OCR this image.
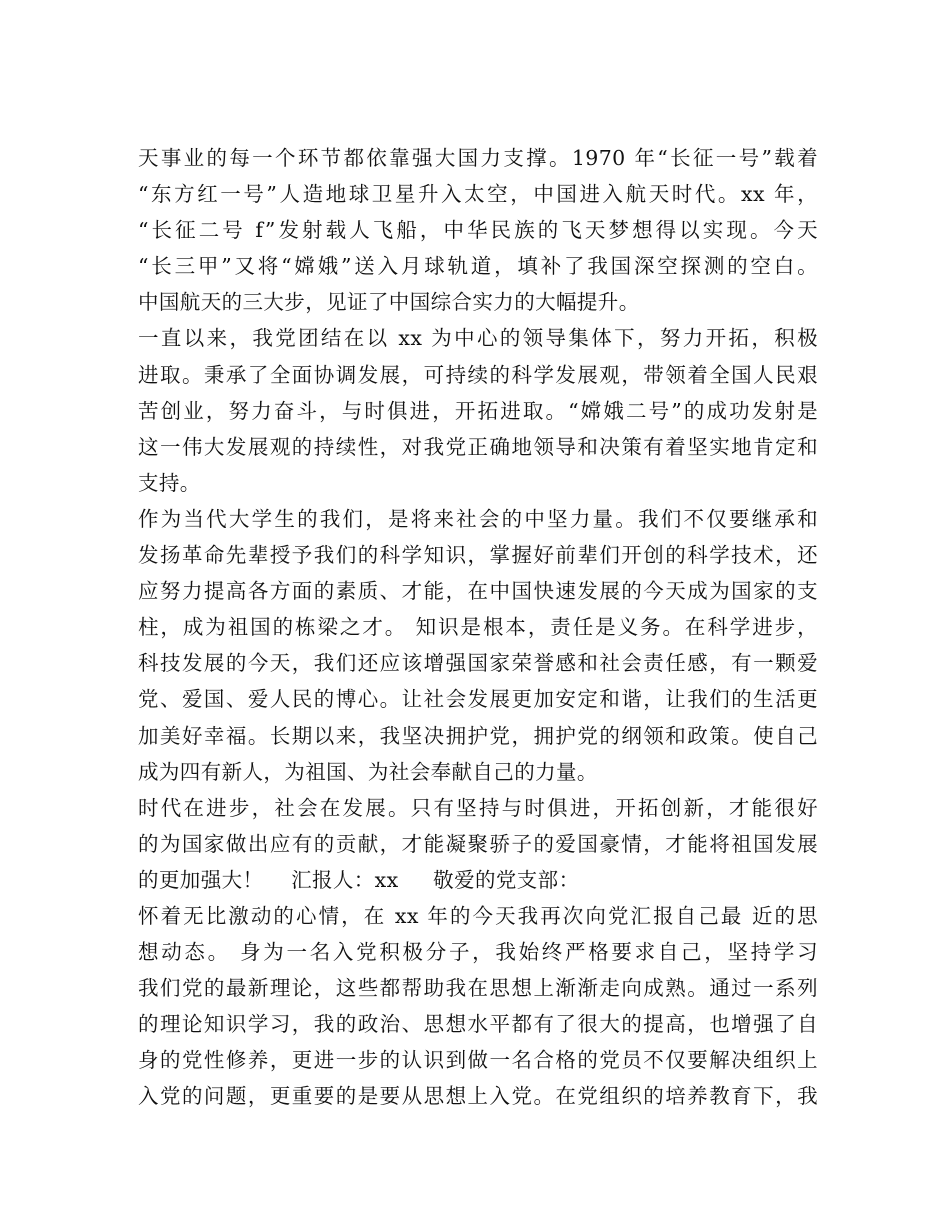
天事业的每一个环节都依靠强大国力支撑。1970 年“长征一号”载着
“东方红一号”人造地球卫星升入太空，中国进入航天时代。xx 年，
“长征二号 f”发射载人飞船，中华民族的飞天梦想得以实现。今天
“长三甲”又将“嫦娥”送入月球轨道，填补了我国深空探测的空白。
中国航天的三大步，见证了中国综合实力的大幅提升。
一直以来，我党团结在以 xx 为中心的领导集体下，努力开拓，积极
进取。秉承了全面协调发展，可持续的科学发展观，带领着全国人民艰
苦创业，努力奋斗，与时俱进，开拓进取。“嫦娥二号”的成功发射是
这一伟大发展观的持续性，对我党正确地领导和决策有着坚实地肯定和
支持。
作为当代大学生的我们，是将来社会的中坚力量。我们不仅要继承和
发扬革命先辈授予我们的科学知识，掌握好前辈们开创的科学技术，还
应努力提高各方面的素质、才能，在中国快速发展的今天成为国家的支
柱，成为祖国的栋梁之才。 知识是根本，责任是义务。在科学进步，
科技发展的今天，我们还应该增强国家荣誉感和社会责任感，有一颗爱
党、爱国、爱人民的博心。让社会发展更加安定和谐，让我们的生活更
加美好幸福。长期以来，我坚决拥护党，拥护党的纲领和政策。使自己
成为四有新人，为祖国、为社会奉献自己的力量。
时代在进步，社会在发展。只有坚持与时俱进，开拓创新，才能很好
的为国家做出应有的贡献，才能凝聚骄子的爱国豪情，才能将祖国发展
的更加强大！    汇报人：xx     敬爱的党支部：
怀着无比激动的心情，在 xx 年的今天我再次向党汇报自己最 近的思
想动态。 身为一名入党积极分子，我始终严格要求自己，坚持学习
我们党的最新理论，这些都帮助我在思想上渐渐走向成熟。通过一系列
的理论知识学习，我的政治、思想水平都有了很大的提高，也增强了自
身的党性修养，更进一步的认识到做一名合格的党员不仅要解决组织上
入党的问题，更重要的是要从思想上入党。在党组织的培养教育下，我
